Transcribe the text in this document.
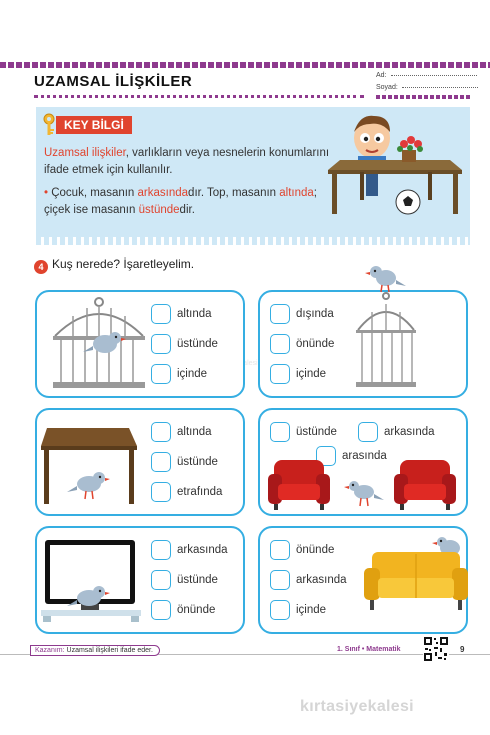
UZAMSAL İLİŞKİLER	Ad:
Soyad:
KEY BİLGİ
Uzamsal ilişkiler, varlıkların veya nesnelerin konumlarını ifade etmek için kullanılır.
• Çocuk, masanın arkasındadır. Top, masanın altında; çiçek ise masanın üstündedir.
4 Kuş nerede? İşaretleyelim.
altında
üstünde
içinde
dışında
önünde
içinde
altında
üstünde
etrafında
üstünde	arkasında
arasında
arkasında
üstünde
önünde
önünde
arkasında
içinde
Kazanım: Uzamsal ilişkileri ifade eder.	1. Sınıf • Matematik	9
kırtasiyekalesi
